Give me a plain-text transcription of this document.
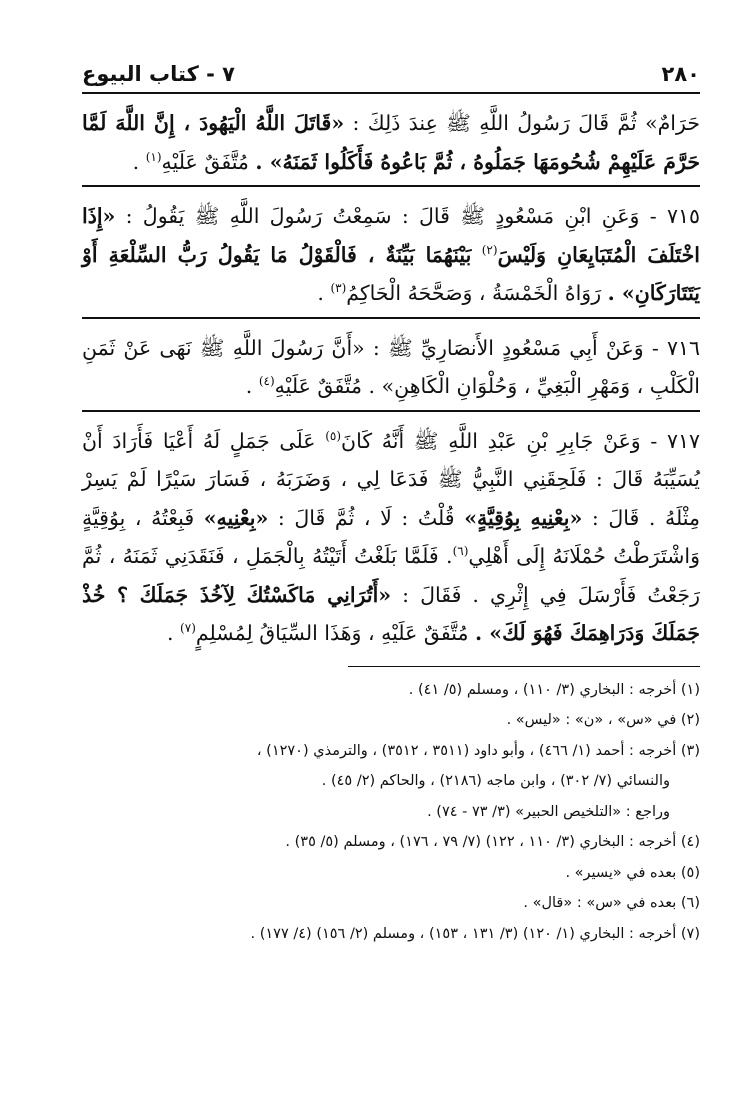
٢٨٠
٧ - كتاب البيوع

حَرَامٌ» ثُمَّ قَالَ رَسُولُ اللَّهِ ﷺ عِندَ ذَلِكَ : «قَاتَلَ اللَّهُ الْيَهُودَ ، إِنَّ اللَّهَ لَمَّا حَرَّمَ عَلَيْهِمْ شُحُومَهَا جَمَلُوهُ ، ثُمَّ بَاعُوهُ فَأَكَلُوا ثَمَنَهُ» . مُتَّفَقٌ عَلَيْهِ$^{(١)}$ .

٧١٥ - وَعَنِ ابْنِ مَسْعُودٍ ﷺ قَالَ : سَمِعْتُ رَسُولَ اللَّهِ ﷺ يَقُولُ : «إِذَا اخْتَلَفَ الْمُتَبَايِعَانِ وَلَيْسَ$^{(٢)}$ بَيْنَهُمَا بَيِّنَةٌ ، فَالْقَوْلُ مَا يَقُولُ رَبُّ السِّلْعَةِ أَوْ يَتَتَارَكَانِ» . رَوَاهُ الْخَمْسَةُ ، وَصَحَّحَهُ الْحَاكِمُ$^{(٣)}$ .

٧١٦ - وَعَنْ أَبِي مَسْعُودٍ الأَنصَارِيِّ ﷺ : «أَنَّ رَسُولَ اللَّهِ ﷺ نَهَى عَنْ ثَمَنِ الْكَلْبِ ، وَمَهْرِ الْبَغِيِّ ، وَحُلْوَانِ الْكَاهِنِ» . مُتَّفَقٌ عَلَيْهِ$^{(٤)}$ .

٧١٧ - وَعَنْ جَابِرِ بْنِ عَبْدِ اللَّهِ ﷺ أَنَّهُ كَانَ$^{(٥)}$ عَلَى جَمَلٍ لَهُ أَعْيَا فَأَرَادَ أَنْ يُسَيِّبَهُ قَالَ : فَلَحِقَنِي النَّبِيُّ ﷺ فَدَعَا لِي ، وَضَرَبَهُ ، فَسَارَ سَيْرًا لَمْ يَسِرْ مِثْلَهُ . قَالَ : «بِعْنِيهِ بِوُقِيَّةٍ» قُلْتُ : لَا ، ثُمَّ قَالَ : «بِعْنِيهِ» فَبِعْتُهُ ، بِوُقِيَّةٍ وَاشْتَرَطْتُ حُمْلَانَهُ إِلَى أَهْلِي$^{(٦)}$. فَلَمَّا بَلَغْتُ أَتَيْتُهُ بِالْجَمَلِ ، فَنَقَدَنِي ثَمَنَهُ ، ثُمَّ رَجَعْتُ فَأَرْسَلَ فِي إِثْرِي . فَقَالَ : «أَتُرَانِي مَاكَسْتُكَ لِآخُذَ جَمَلَكَ ؟ خُذْ جَمَلَكَ وَدَرَاهِمَكَ فَهُوَ لَكَ» . مُتَّفَقٌ عَلَيْهِ ، وَهَذَا السِّيَاقُ لِمُسْلِمٍ$^{(٧)}$ .

(١) أخرجه : البخاري (٣/ ١١٠) ، ومسلم (٥/ ٤١) .

(٢) في «س» ، «ن» : «ليس» .

(٣) أخرجه : أحمد (١/ ٤٦٦) ، وأبو داود (٣٥١١ ، ٣٥١٢) ، والترمذي (١٢٧٠) ،

والنسائي (٧/ ٣٠٢) ، وابن ماجه (٢١٨٦) ، والحاكم (٢/ ٤٥) .

وراجع : «التلخيص الحبير» (٣/ ٧٣ - ٧٤) .

(٤) أخرجه : البخاري (٣/ ١١٠ ، ١٢٢) (٧/ ٧٩ ، ١٧٦) ، ومسلم (٥/ ٣٥) .

(٥) بعده في «يسير» .

(٦) بعده في «س» : «قال» .

(٧) أخرجه : البخاري (١/ ١٢٠) (٣/ ١٣١ ، ١٥٣) ، ومسلم (٢/ ١٥٦) (٤/ ١٧٧) .
